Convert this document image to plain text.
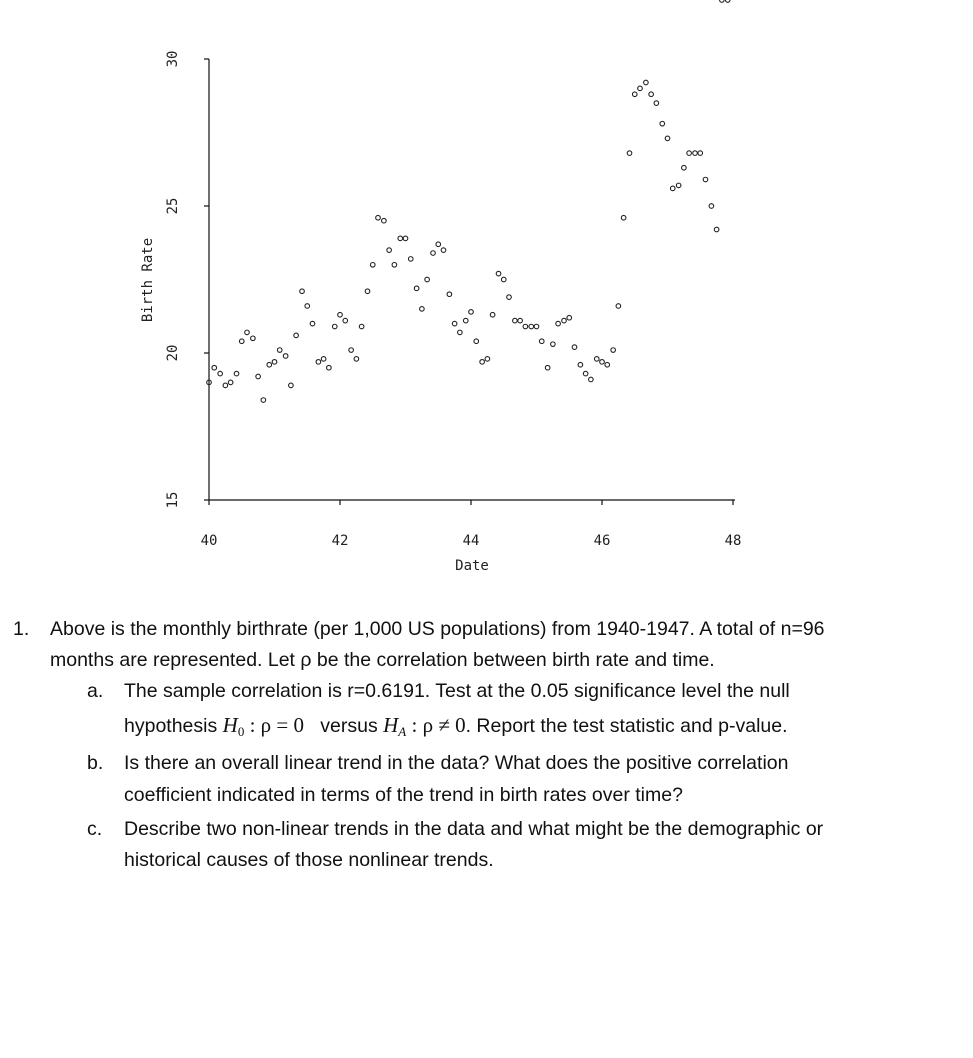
15
20
25
30
40	42	44	46	48
Birth Rate
Date
1. Above is the monthly birthrate (per 1,000 US populations) from 1940-1947. A total of n=96
months are represented. Let ρ be the correlation between birth rate and time.
a. The sample correlation is r=0.6191. Test at the 0.05 significance level the null
hypothesis $H_0$ : ρ = 0 versus $H_A$ : ρ ≠ 0. Report the test statistic and p-value.
b. Is there an overall linear trend in the data? What does the positive correlation
coefficient indicated in terms of the trend in birth rates over time?
c. Describe two non-linear trends in the data and what might be the demographic or
historical causes of those nonlinear trends.
